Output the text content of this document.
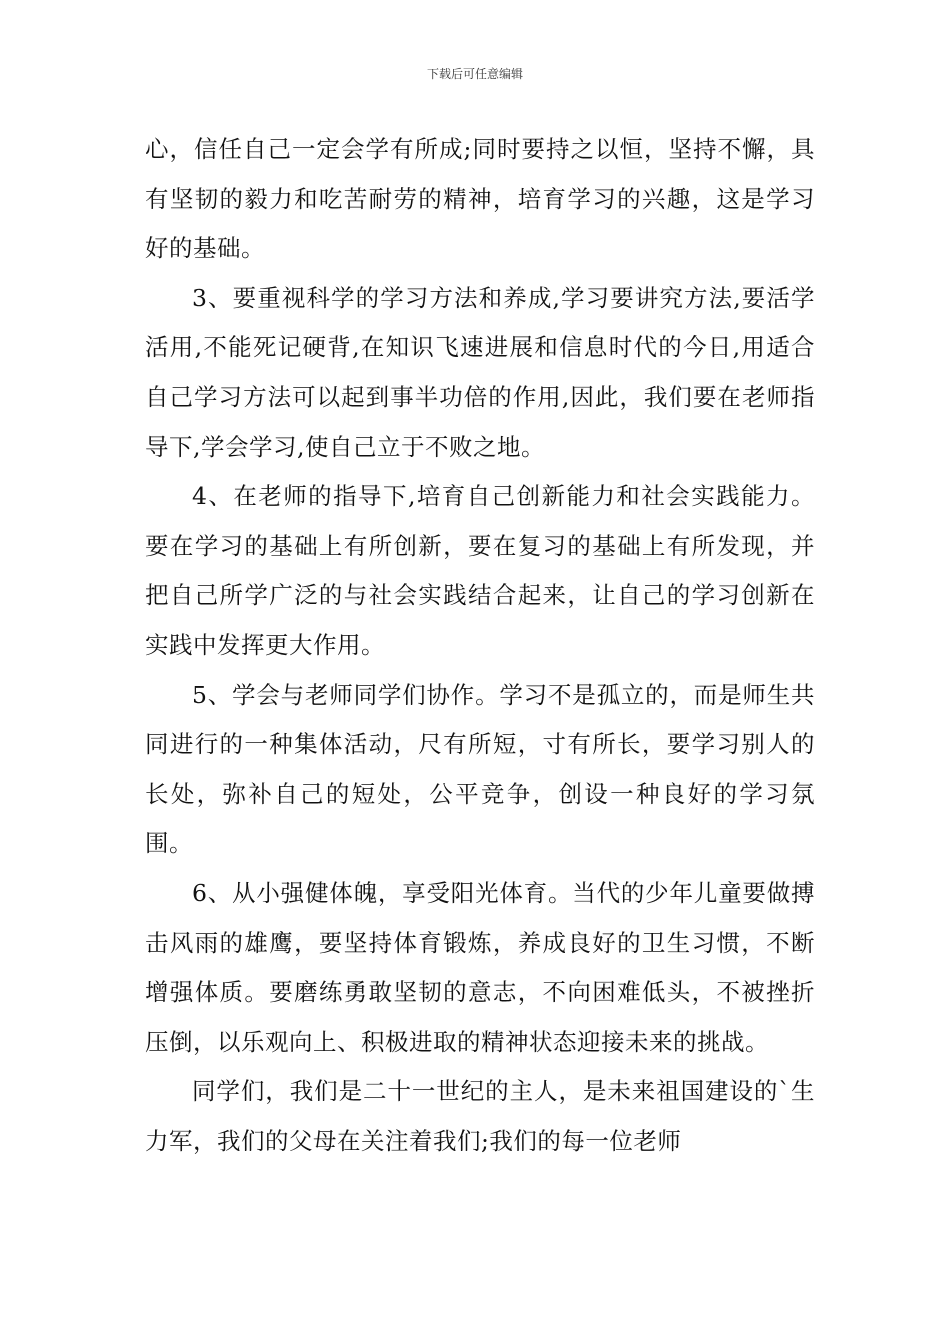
下载后可任意编辑

心，信任自己一定会学有所成;同时要持之以恒，坚持不懈，具有坚韧的毅力和吃苦耐劳的精神，培育学习的兴趣，这是学习好的基础。

3、要重视科学的学习方法和养成,学习要讲究方法,要活学活用,不能死记硬背,在知识飞速进展和信息时代的今日,用适合自己学习方法可以起到事半功倍的作用,因此，我们要在老师指导下,学会学习,使自己立于不败之地。

4、在老师的指导下,培育自己创新能力和社会实践能力。要在学习的基础上有所创新，要在复习的基础上有所发现，并把自己所学广泛的与社会实践结合起来，让自己的学习创新在实践中发挥更大作用。

5、学会与老师同学们协作。学习不是孤立的，而是师生共同进行的一种集体活动，尺有所短，寸有所长，要学习别人的长处，弥补自己的短处，公平竞争，创设一种良好的学习氛围。

6、从小强健体魄，享受阳光体育。当代的少年儿童要做搏击风雨的雄鹰，要坚持体育锻炼，养成良好的卫生习惯，不断增强体质。要磨练勇敢坚韧的意志，不向困难低头，不被挫折压倒，以乐观向上、积极进取的精神状态迎接未来的挑战。

同学们，我们是二十一世纪的主人，是未来祖国建设的`生力军，我们的父母在关注着我们;我们的每一位老师
